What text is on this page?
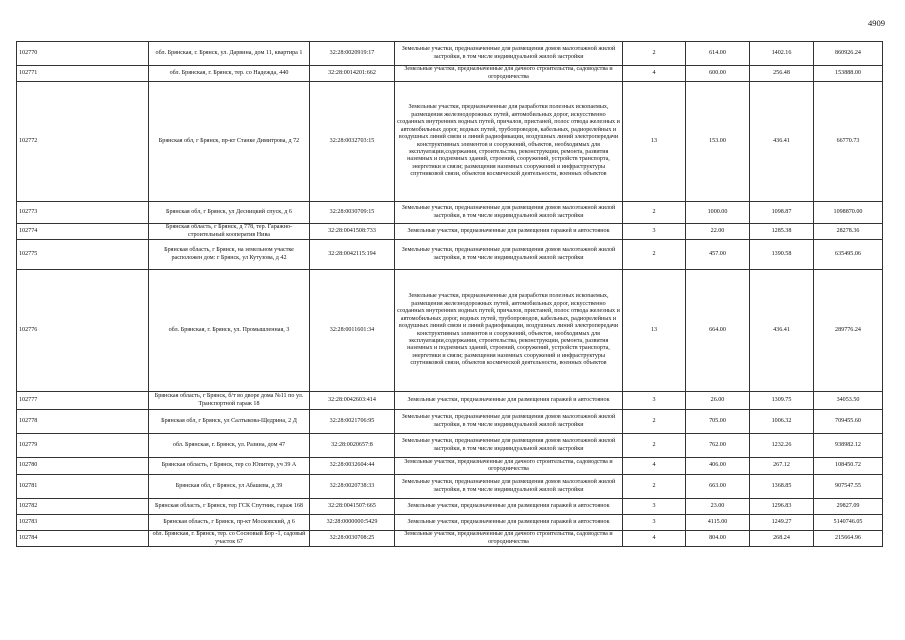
4909
102770	обл. Брянская, г. Брянск, ул. Дарвина, дом 11, квартира 1	32:28:0020919:17	Земельные участки, предназначенные для размещения домов малоэтажной жилой застройки, в том числе индивидуальной жилой застройки	2	614.00	1402.16	860926.24
102771	обл. Брянская, г. Брянск, тер. со Надежда, 440	32:28:0014201:662	Земельные участки, предназначенные для дачного строительства, садоводства и огородничества	4	600.00	256.48	153888.00
102772	Брянская обл, г Брянск, пр-кт Станке Димитрова, д 72	32:28:0032703:15	Земельные участки, предназначенные для разработки полезных ископаемых, размещения железнодорожных путей, автомобильных дорог, искусственно созданных внутренних водных путей, причалов, пристаней, полос отвода железных и автомобильных дорог, водных путей, трубопроводов, кабельных, радиорелейных и воздушных линий связи и линий радиофикации, воздушных линий электропередачи конструктивных элементов и сооружений, объектов, необходимых для эксплуатации,содержания, строительства, реконструкции, ремонта, развития наземных и подземных зданий, строений, сооружений, устройств транспорта, энергетики и связи; размещения наземных сооружений и инфраструктуры спутниковой связи, объектов космической деятельности, военных объектов	13	153.00	436.41	66770.73
102773	Брянская обл, г Брянск, ул Десницкий спуск, д 6	32:28:0030709:15	Земельные участки, предназначенные для размещения домов малоэтажной жилой застройки, в том числе индивидуальной жилой застройки	2	1000.00	1098.87	1098870.00
102774	Брянская область, г Брянск, д 778, тер. Гаражно-строительный кооператив Нива	32:28:0041508:733	Земельные участки, предназначенные для размещения гаражей и автостоянок	3	22.00	1285.38	28278.36
102775	Брянская область, г Брянск, на земельном участке расположен дом: г Брянск, ул Кутузова, д 42	32:28:0042115:194	Земельные участки, предназначенные для размещения домов малоэтажной жилой застройки, в том числе индивидуальной жилой застройки	2	457.00	1390.58	635495.06
102776	обл. Брянская, г. Брянск, ул. Промышленная, 3	32:28:0011601:34	Земельные участки, предназначенные для разработки полезных ископаемых, размещения железнодорожных путей, автомобильных дорог, искусственно созданных внутренних водных путей, причалов, пристаней, полос отвода железных и автомобильных дорог, водных путей, трубопроводов, кабельных, радиорелейных и воздушных линий связи и линий радиофикации, воздушных линий электропередачи конструктивных элементов и сооружений, объектов, необходимых для эксплуатации,содержания, строительства, реконструкции, ремонта, развития наземных и подземных зданий, строений, сооружений, устройств транспорта, энергетики и связи; размещения наземных сооружений и инфраструктуры спутниковой связи, объектов космической деятельности, военных объектов	13	664.00	436.41	289776.24
102777	Брянская область, г Брянск, б/т во дворе дома №11 по ул. Транспортной гараж 18	32:28:0042603:414	Земельные участки, предназначенные для размещения гаражей и автостоянок	3	26.00	1309.75	34053.50
102778	Брянская обл, г Брянск, ул Салтыкова-Щедрина, 2 Д	32:28:0021706:95	Земельные участки, предназначенные для размещения домов малоэтажной жилой застройки, в том числе индивидуальной жилой застройки	2	705.00	1006.32	709455.60
102779	обл. Брянская, г. Брянск, ул. Разина, дом 47	32:28:0020657:8	Земельные участки, предназначенные для размещения домов малоэтажной жилой застройки, в том числе индивидуальной жилой застройки	2	762.00	1232.26	938982.12
102780	Брянская область, г Брянск, тер со Юпитер, уч 39 А	32:28:0032604:44	Земельные участки, предназначенные для дачного строительства, садоводства и огородничества	4	406.00	267.12	108450.72
102781	Брянская обл, г Брянск, ул Абашева, д 39	32:28:0020738:33	Земельные участки, предназначенные для размещения домов малоэтажной жилой застройки, в том числе индивидуальной жилой застройки	2	663.00	1368.85	907547.55
102782	Брянская область, г Брянск, тер ГСК Спутник, гараж 168	32:28:0041507:665	Земельные участки, предназначенные для размещения гаражей и автостоянок	3	23.00	1296.83	29827.09
102783	Брянская область, г Брянск, пр-кт Московский, д 6	32:28:0000000:5429	Земельные участки, предназначенные для размещения гаражей и автостоянок	3	4115.00	1249.27	5140746.05
102784	обл. Брянская, г. Брянск, тер. со Сосновый Бор -1, садовый участок 67	32:28:0030708:25	Земельные участки, предназначенные для дачного строительства, садоводства и огородничества	4	804.00	268.24	215664.96
